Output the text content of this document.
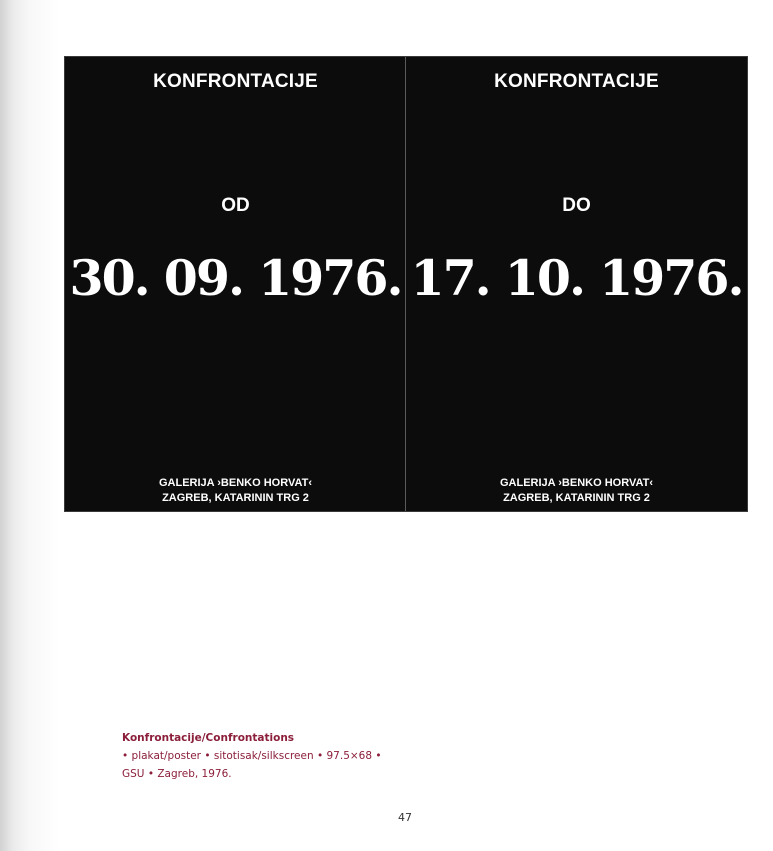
KONFRONTACIJE
OD
30. 09. 1976.
GALERIJA ›BENKO HORVAT‹
ZAGREB, KATARININ TRG 2
KONFRONTACIJE
DO
17. 10. 1976.
GALERIJA ›BENKO HORVAT‹
ZAGREB, KATARININ TRG 2
Konfrontacije/Confrontations
• plakat/poster • sitotisak/silkscreen • 97.5×68 •
GSU • Zagreb, 1976.
47
